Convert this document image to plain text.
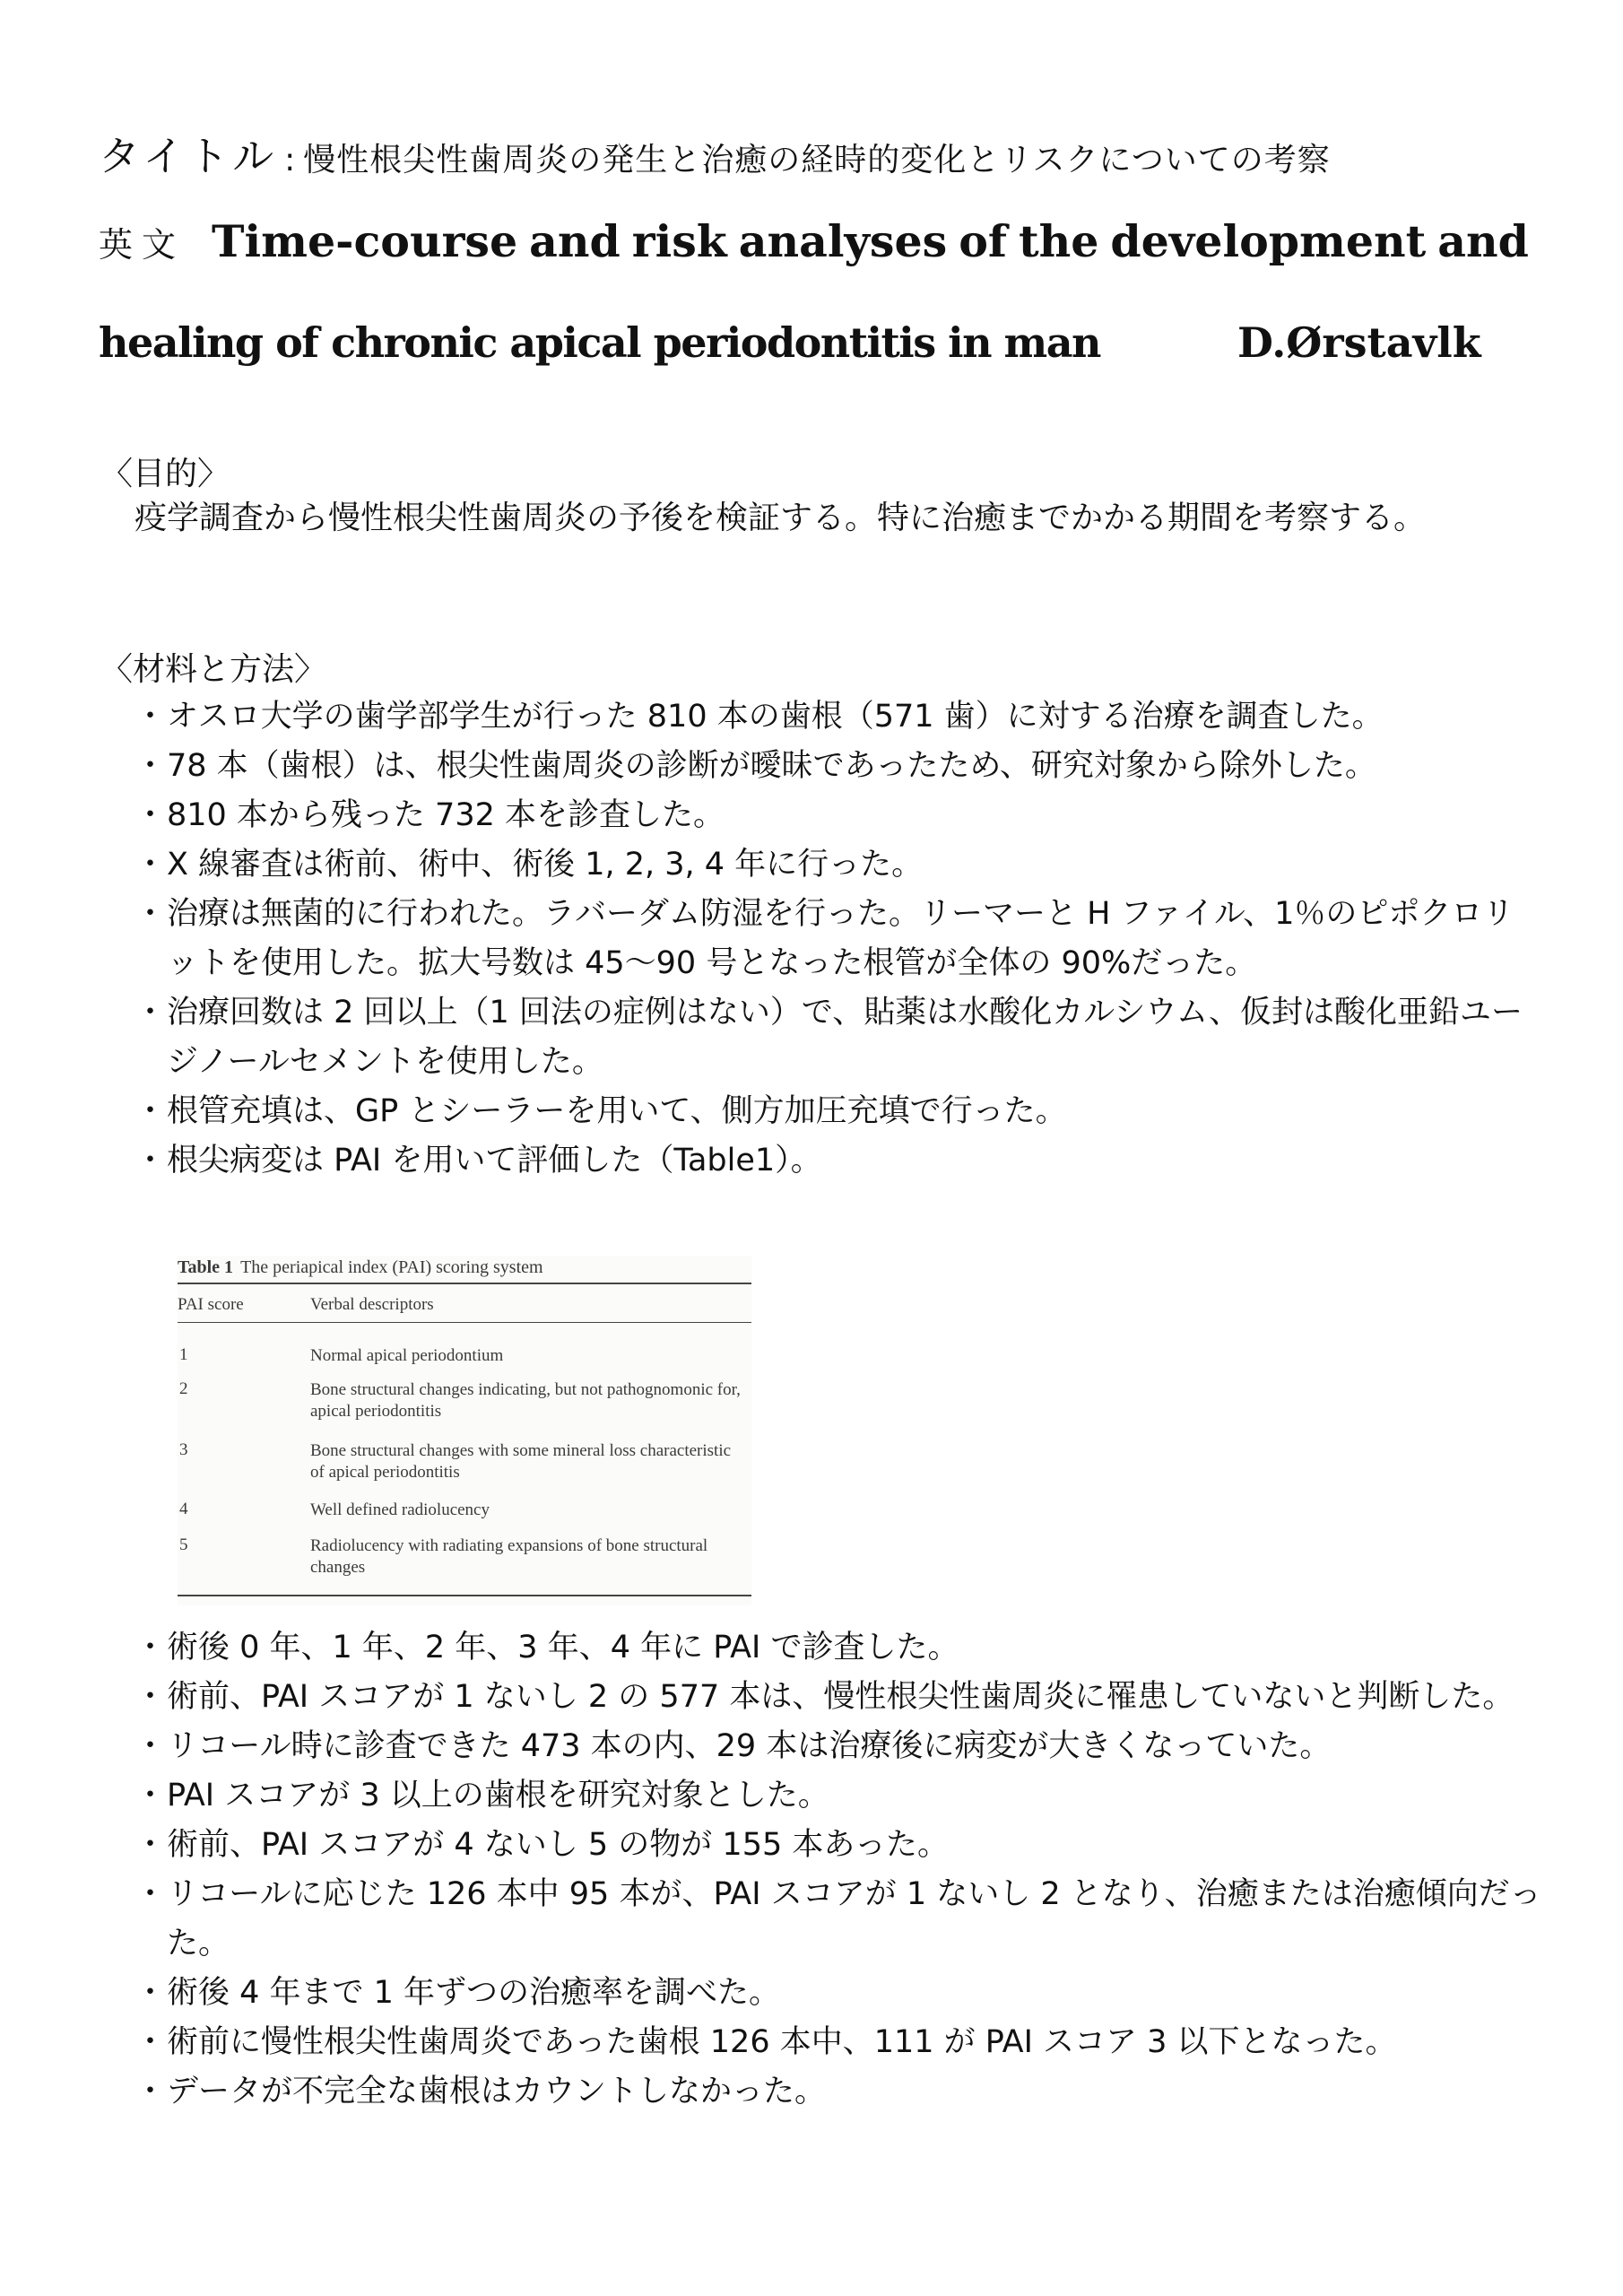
タイトル : 慢性根尖性歯周炎の発生と治癒の経時的変化とリスクについての考察
英文 Time-course and risk analyses of the development and
healing of chronic apical periodontitis in man	D.Ørstavlk
〈目的〉
疫学調査から慢性根尖性歯周炎の予後を検証する。特に治癒までかかる期間を考察する。
〈材料と方法〉
・ オスロ大学の歯学部学生が行った 810 本の歯根（571 歯）に対する治療を調査した。
・ 78 本（歯根）は、根尖性歯周炎の診断が曖昧であったため、研究対象から除外した。
・ 810 本から残った 732 本を診査した。
・ X 線審査は術前、術中、術後 1, 2, 3, 4 年に行った。
・ 治療は無菌的に行われた。ラバーダム防湿を行った。リーマーと H ファイル、1％のピポクロリットを使用した。拡大号数は 45〜90 号となった根管が全体の 90%だった。
・ 治療回数は 2 回以上（1 回法の症例はない）で、貼薬は水酸化カルシウム、仮封は酸化亜鉛ユージノールセメントを使用した。
・ 根管充填は、GP とシーラーを用いて、側方加圧充填で行った。
・ 根尖病変は PAI を用いて評価した（Table1）。
Table 1 The periapical index (PAI) scoring system
PAI score	Verbal descriptors
1	Normal apical periodontium
2	Bone structural changes indicating, but not pathognomonic for, apical periodontitis
3	Bone structural changes with some mineral loss characteristic of apical periodontitis
4	Well defined radiolucency
5	Radiolucency with radiating expansions of bone structural changes
・ 術後 0 年、1 年、2 年、3 年、4 年に PAI で診査した。
・ 術前、PAI スコアが 1 ないし 2 の 577 本は、慢性根尖性歯周炎に罹患していないと判断した。
・ リコール時に診査できた 473 本の内、29 本は治療後に病変が大きくなっていた。
・ PAI スコアが 3 以上の歯根を研究対象とした。
・ 術前、PAI スコアが 4 ないし 5 の物が 155 本あった。
・ リコールに応じた 126 本中 95 本が、PAI スコアが 1 ないし 2 となり、治癒または治癒傾向だった。
・ 術後 4 年まで 1 年ずつの治癒率を調べた。
・ 術前に慢性根尖性歯周炎であった歯根 126 本中、111 が PAI スコア 3 以下となった。
・ データが不完全な歯根はカウントしなかった。
